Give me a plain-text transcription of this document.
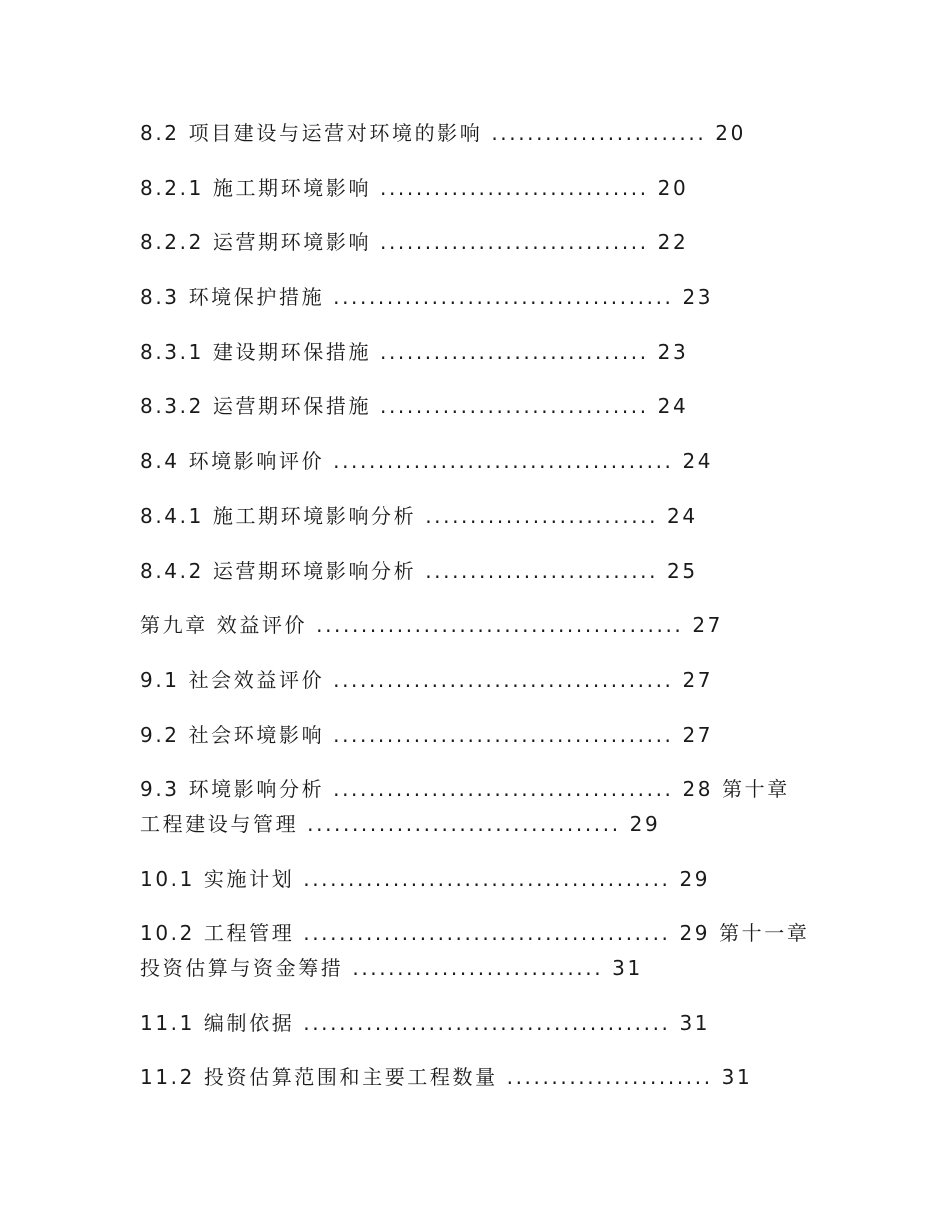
8.2 项目建设与运营对环境的影响 ........................ 20
8.2.1 施工期环境影响 .............................. 20
8.2.2 运营期环境影响 .............................. 22
8.3 环境保护措施 ...................................... 23
8.3.1 建设期环保措施 .............................. 23
8.3.2 运营期环保措施 .............................. 24
8.4 环境影响评价 ...................................... 24
8.4.1 施工期环境影响分析 .......................... 24
8.4.2 运营期环境影响分析 .......................... 25
第九章 效益评价 ......................................... 27
9.1 社会效益评价 ...................................... 27
9.2 社会环境影响 ...................................... 27
9.3 环境影响分析 ...................................... 28 第十章 工程建设与管理 ................................... 29
10.1 实施计划 ......................................... 29
10.2 工程管理 ......................................... 29 第十一章 投资估算与资金筹措 ............................ 31
11.1 编制依据 ......................................... 31
11.2 投资估算范围和主要工程数量 ....................... 31
